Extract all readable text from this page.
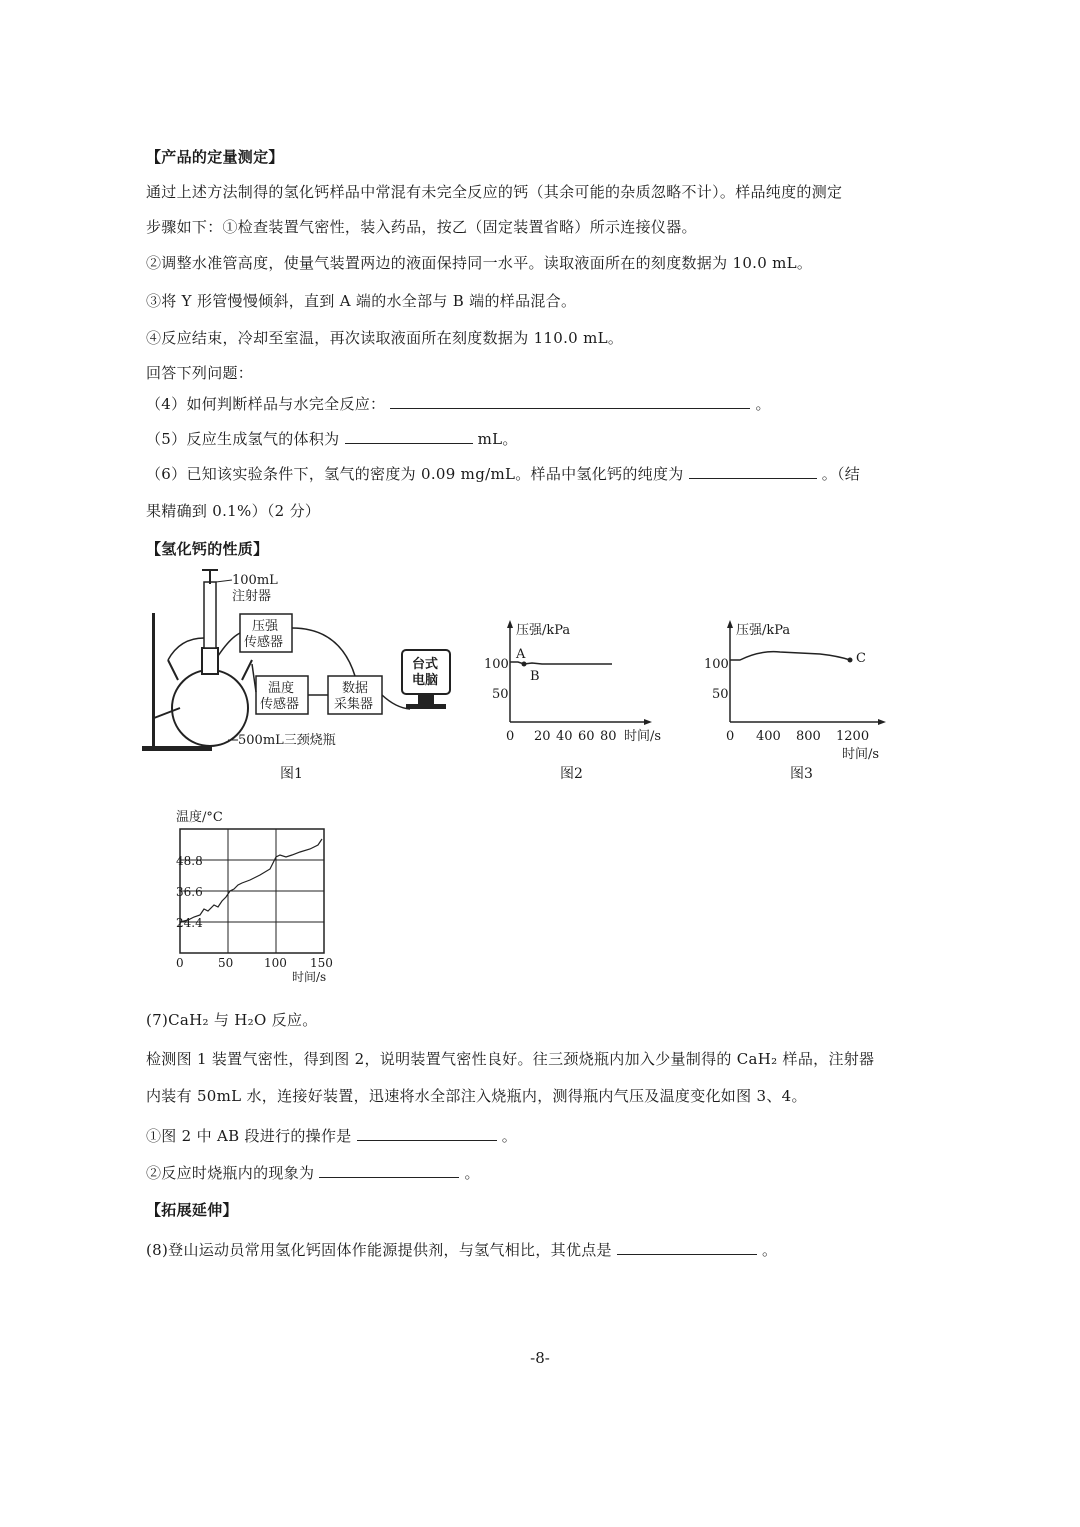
【产品的定量测定】
通过上述方法制得的氢化钙样品中常混有未完全反应的钙（其余可能的杂质忽略不计）。样品纯度的测定
步骤如下：①检查装置气密性，装入药品，按乙（固定装置省略）所示连接仪器。
②调整水准管高度，使量气装置两边的液面保持同一水平。读取液面所在的刻度数据为 10.0 mL。
③将 Y 形管慢慢倾斜，直到 A 端的水全部与 B 端的样品混合。
④反应结束，冷却至室温，再次读取液面所在刻度数据为 110.0 mL。
回答下列问题：
（4）如何判断样品与水完全反应：	。
（5）反应生成氢气的体积为	mL。
（6）已知该实验条件下，氢气的密度为 0.09 mg/mL。样品中氢化钙的纯度为	。（结
果精确到 0.1%）（2 分）
【氢化钙的性质】
100mL
注射器
压强
传感器
温度
传感器
数据
采集器
台式
电脑
500mL三颈烧瓶
图1
压强/kPa
100
50
0 20 40 60 80 时间/s
A
B
图2
压强/kPa
100
50
0 400 800 1200
时间/s
C
图3
温度/°C
48.8
36.6
24.4
0	50	100 150
时间/s
(7)CaH₂ 与 H₂O 反应。
检测图 1 装置气密性，得到图 2，说明装置气密性良好。往三颈烧瓶内加入少量制得的 CaH₂ 样品，注射器
内装有 50mL 水，连接好装置，迅速将水全部注入烧瓶内，测得瓶内气压及温度变化如图 3、4。
①图 2 中 AB 段进行的操作是	。
②反应时烧瓶内的现象为	。
【拓展延伸】
(8)登山运动员常用氢化钙固体作能源提供剂，与氢气相比，其优点是	。
-8-
